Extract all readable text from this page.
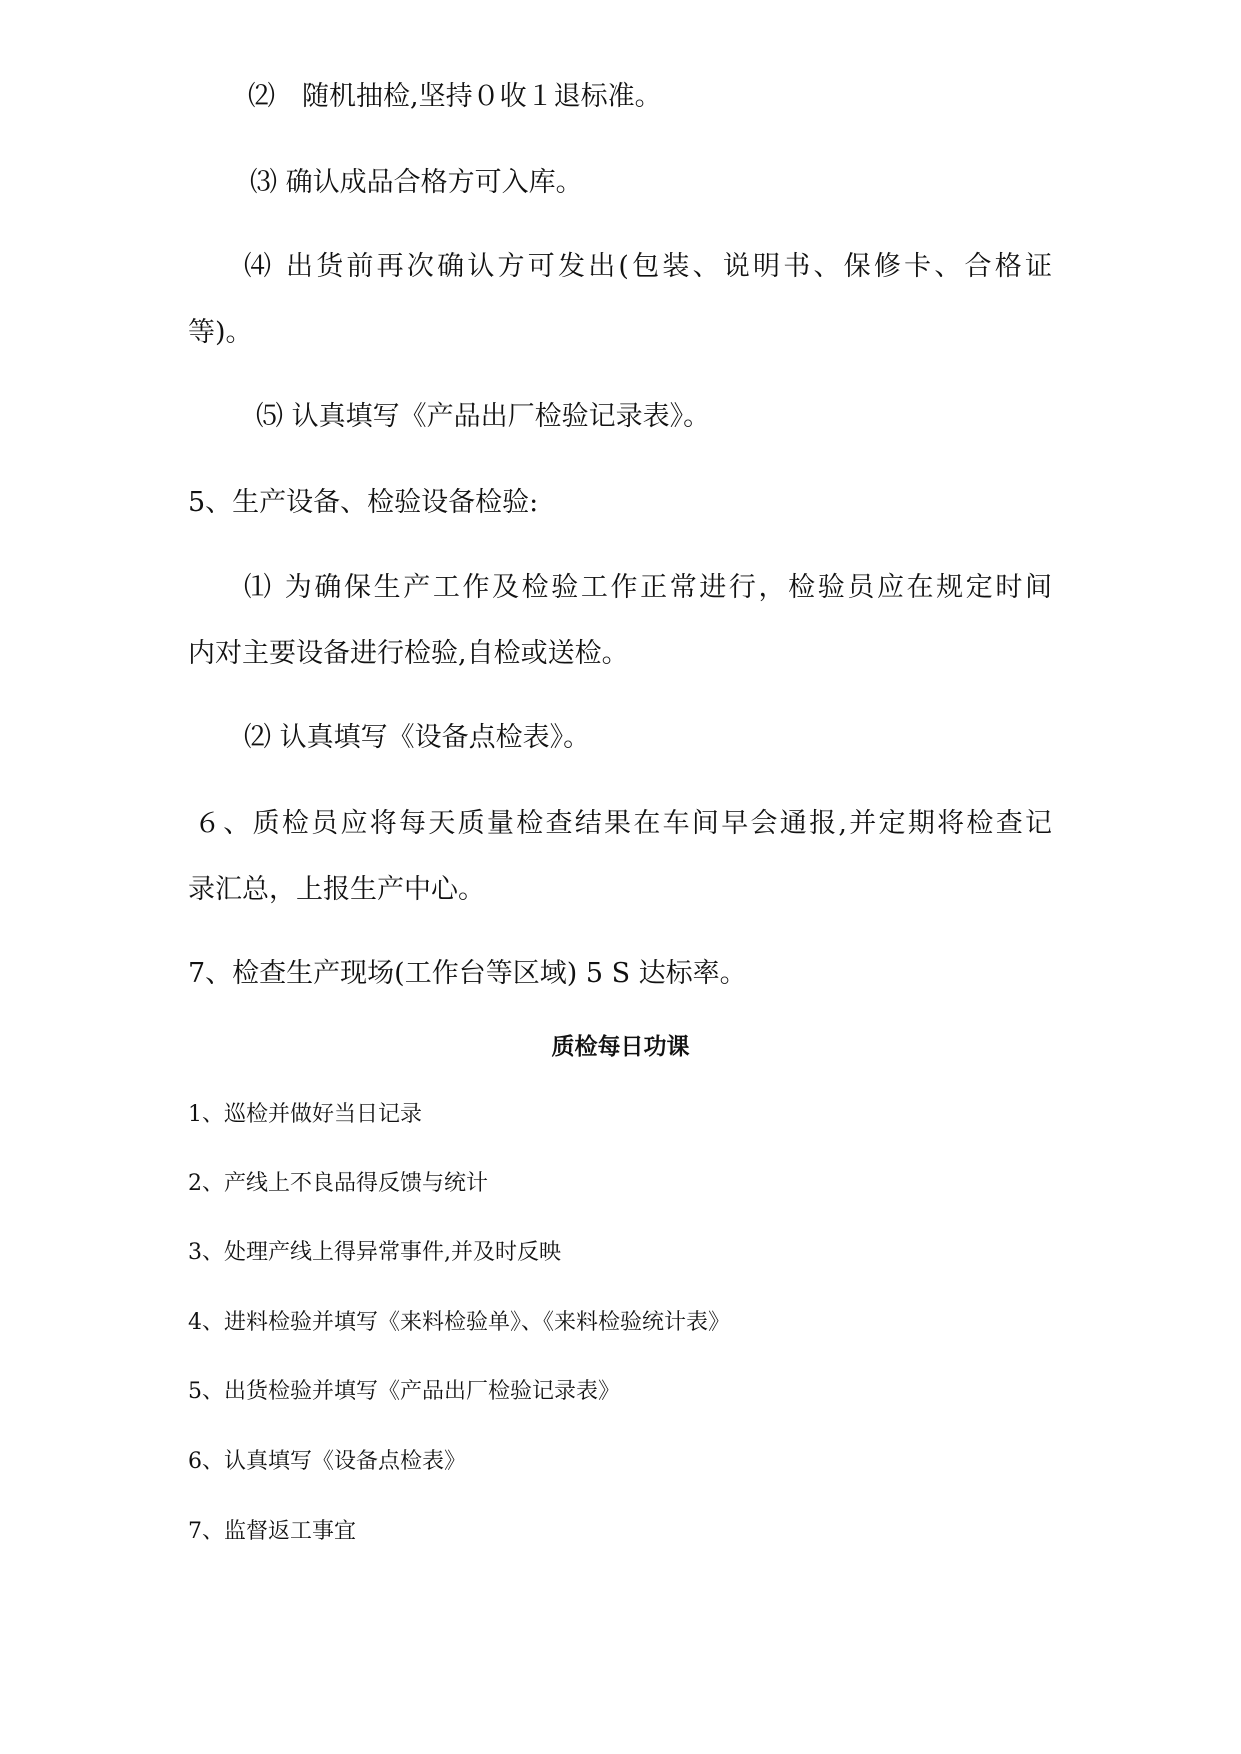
⑵　随机抽检,坚持０收１退标准。
⑶ 确认成品合格方可入库。
⑷ 出货前再次确认方可发出(包装、说明书、保修卡、合格证
等)。
⑸ 认真填写《产品出厂检验记录表》。
5、生产设备、检验设备检验:
⑴ 为确保生产工作及检验工作正常进行，检验员应在规定时间
内对主要设备进行检验,自检或送检。
⑵ 认真填写《设备点检表》。
６、质检员应将每天质量检查结果在车间早会通报,并定期将检查记
录汇总，上报生产中心。
7、检查生产现场(工作台等区域) 5 S 达标率。
质检每日功课
1、巡检并做好当日记录
2、产线上不良品得反馈与统计
3、处理产线上得异常事件,并及时反映
4、进料检验并填写《来料检验单》、《来料检验统计表》
5、出货检验并填写《产品出厂检验记录表》
6、认真填写《设备点检表》
7、监督返工事宜
